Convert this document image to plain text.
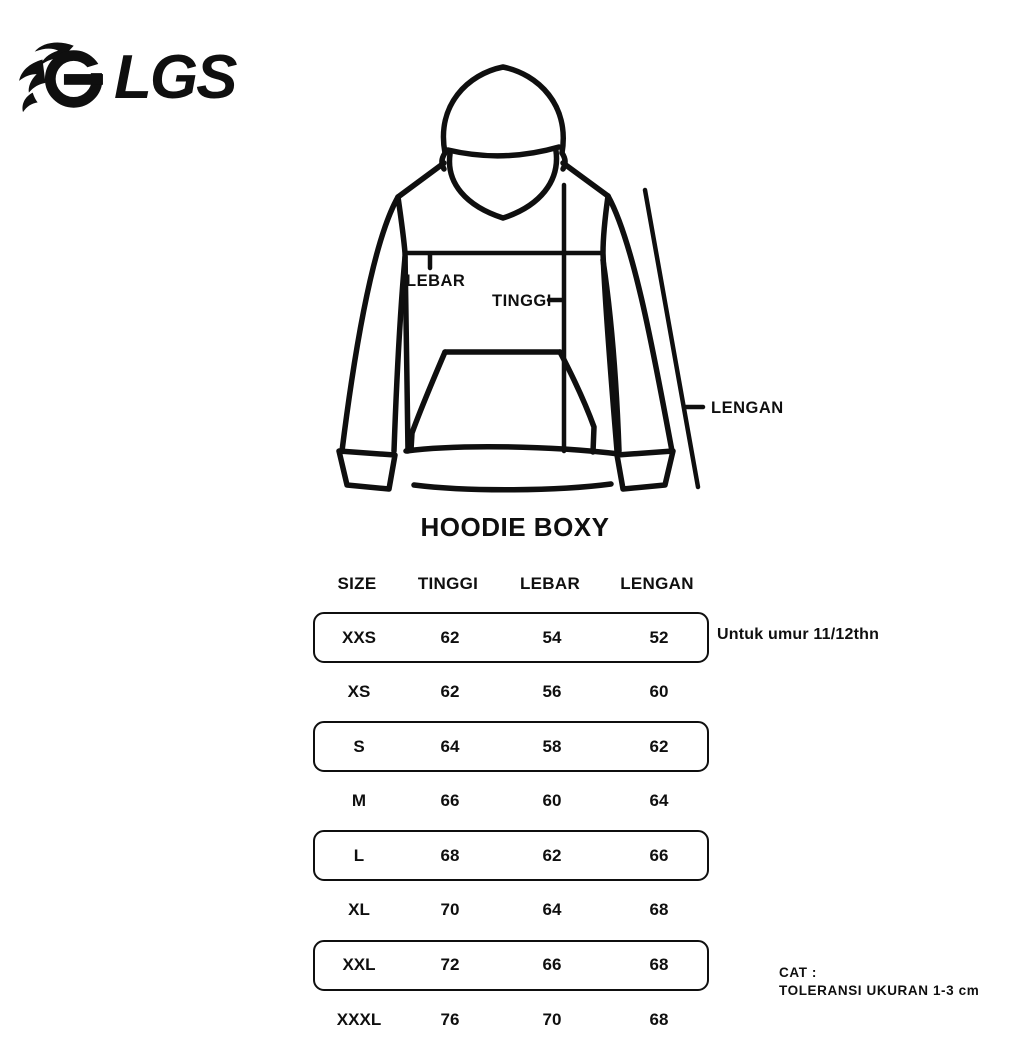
LGS
LEBAR
TINGGI
LENGAN
HOODIE BOXY
SIZE	TINGGI	LEBAR	LENGAN
XXS	62	54	52
XS	62	56	60
S	64	58	62
M	66	60	64
L	68	62	66
XL	70	64	68
XXL	72	66	68
XXXL	76	70	68
Untuk umur 11/12thn
CAT :
TOLERANSI UKURAN 1-3 cm
